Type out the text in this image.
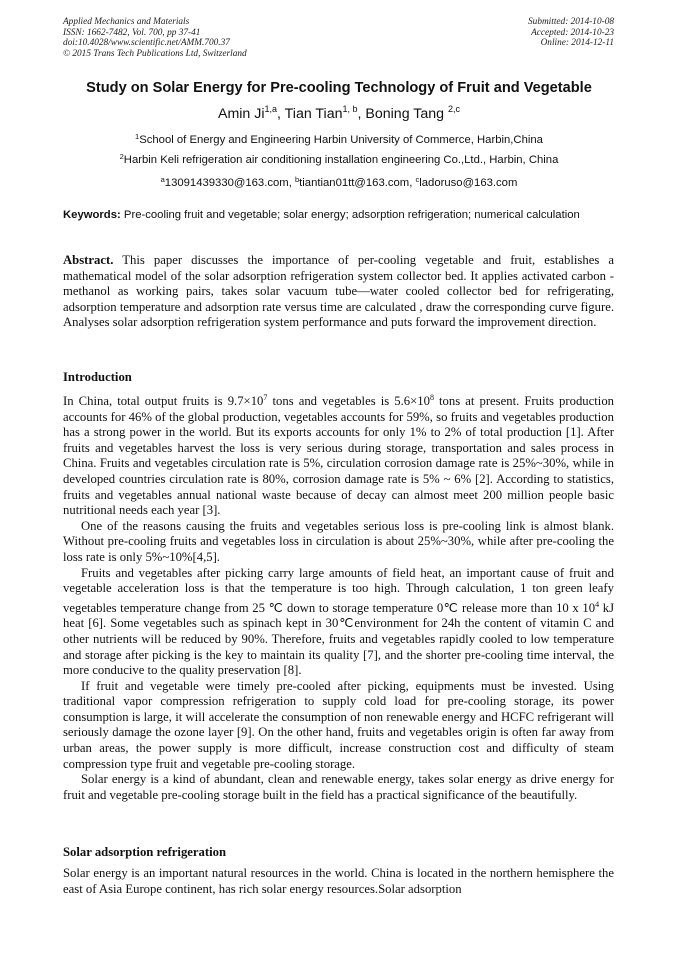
Applied Mechanics and Materials
ISSN: 1662-7482, Vol. 700, pp 37-41
doi:10.4028/www.scientific.net/AMM.700.37
© 2015 Trans Tech Publications Ltd, Switzerland
Submitted: 2014-10-08
Accepted: 2014-10-23
Online: 2014-12-11
Study on Solar Energy for Pre-cooling Technology of Fruit and Vegetable
Amin Ji$^{1,a}$, Tian Tian$^{1, b}$, Boning Tang $^{2,c}$
$^1$School of Energy and Engineering Harbin University of Commerce, Harbin,China
$^2$Harbin Keli refrigeration air conditioning installation engineering Co.,Ltd., Harbin, China
$^a$13091439330@163.com, $^b$tiantian01tt@163.com, $^c$ladoruso@163.com
Keywords: Pre-cooling fruit and vegetable; solar energy; adsorption refrigeration; numerical calculation
Abstract. This paper discusses the importance of per-cooling vegetable and fruit, establishes a mathematical model of the solar adsorption refrigeration system collector bed. It applies activated carbon - methanol as working pairs, takes solar vacuum tube—water cooled collector bed for refrigerating, adsorption temperature and adsorption rate versus time are calculated , draw the corresponding curve figure. Analyses solar adsorption refrigeration system performance and puts forward the improvement direction.
Introduction

In China, total output fruits is $9.7\times 10^7$ tons and vegetables is $5.6\times 10^8$ tons at present. Fruits production accounts for 46% of the global production, vegetables accounts for 59%, so fruits and vegetables production has a strong power in the world. But its exports accounts for only 1% to 2% of total production [1]. After fruits and vegetables harvest the loss is very serious during storage, transportation and sales process in China. Fruits and vegetables circulation rate is 5%, circulation corrosion damage rate is 25%~30%, while in developed countries circulation rate is 80%, corrosion damage rate is 5% ~ 6% [2]. According to statistics, fruits and vegetables annual national waste because of decay can almost meet 200 million people basic nutritional needs each year [3].

One of the reasons causing the fruits and vegetables serious loss is pre-cooling link is almost blank. Without pre-cooling fruits and vegetables loss in circulation is about 25%~30%, while after pre-cooling the loss rate is only 5%~10%[4,5].

Fruits and vegetables after picking carry large amounts of field heat, an important cause of fruit and vegetable acceleration loss is that the temperature is too high. Through calculation, 1 ton green leafy vegetables temperature change from 25 ℃ down to storage temperature 0℃ release more than 10 x $10^4$ kJ heat [6]. Some vegetables such as spinach kept in 30℃environment for 24h the content of vitamin C and other nutrients will be reduced by 90%. Therefore, fruits and vegetables rapidly cooled to low temperature and storage after picking is the key to maintain its quality [7], and the shorter pre-cooling time interval, the more conducive to the quality preservation [8].

If fruit and vegetable were timely pre-cooled after picking, equipments must be invested. Using traditional vapor compression refrigeration to supply cold load for pre-cooling storage, its power consumption is large, it will accelerate the consumption of non renewable energy and HCFC refrigerant will seriously damage the ozone layer [9]. On the other hand, fruits and vegetables origin is often far away from urban areas, the power supply is more difficult, increase construction cost and difficulty of steam compression type fruit and vegetable pre-cooling storage.

Solar energy is a kind of abundant, clean and renewable energy, takes solar energy as drive energy for fruit and vegetable pre-cooling storage built in the field has a practical significance of the beautifully.

Solar adsorption refrigeration

Solar energy is an important natural resources in the world. China is located in the northern hemisphere the east of Asia Europe continent, has rich solar energy resources.Solar adsorption
